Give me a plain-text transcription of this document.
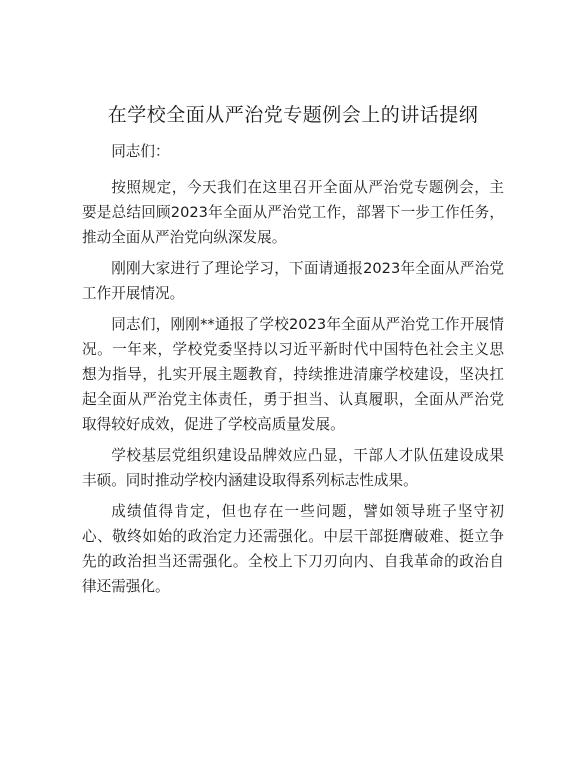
在学校全面从严治党专题例会上的讲话提纲

同志们：

按照规定，今天我们在这里召开全面从严治党专题例会，主要是总结回顾2023年全面从严治党工作，部署下一步工作任务，推动全面从严治党向纵深发展。

刚刚大家进行了理论学习，下面请通报2023年全面从严治党工作开展情况。

同志们，刚刚**通报了学校2023年全面从严治党工作开展情况。一年来，学校党委坚持以习近平新时代中国特色社会主义思想为指导，扎实开展主题教育，持续推进清廉学校建设，坚决扛起全面从严治党主体责任，勇于担当、认真履职，全面从严治党取得较好成效，促进了学校高质量发展。

学校基层党组织建设品牌效应凸显，干部人才队伍建设成果丰硕。同时推动学校内涵建设取得系列标志性成果。

成绩值得肯定，但也存在一些问题，譬如领导班子坚守初心、敬终如始的政治定力还需强化。中层干部挺膺破难、挺立争先的政治担当还需强化。全校上下刀刃向内、自我革命的政治自律还需强化。
